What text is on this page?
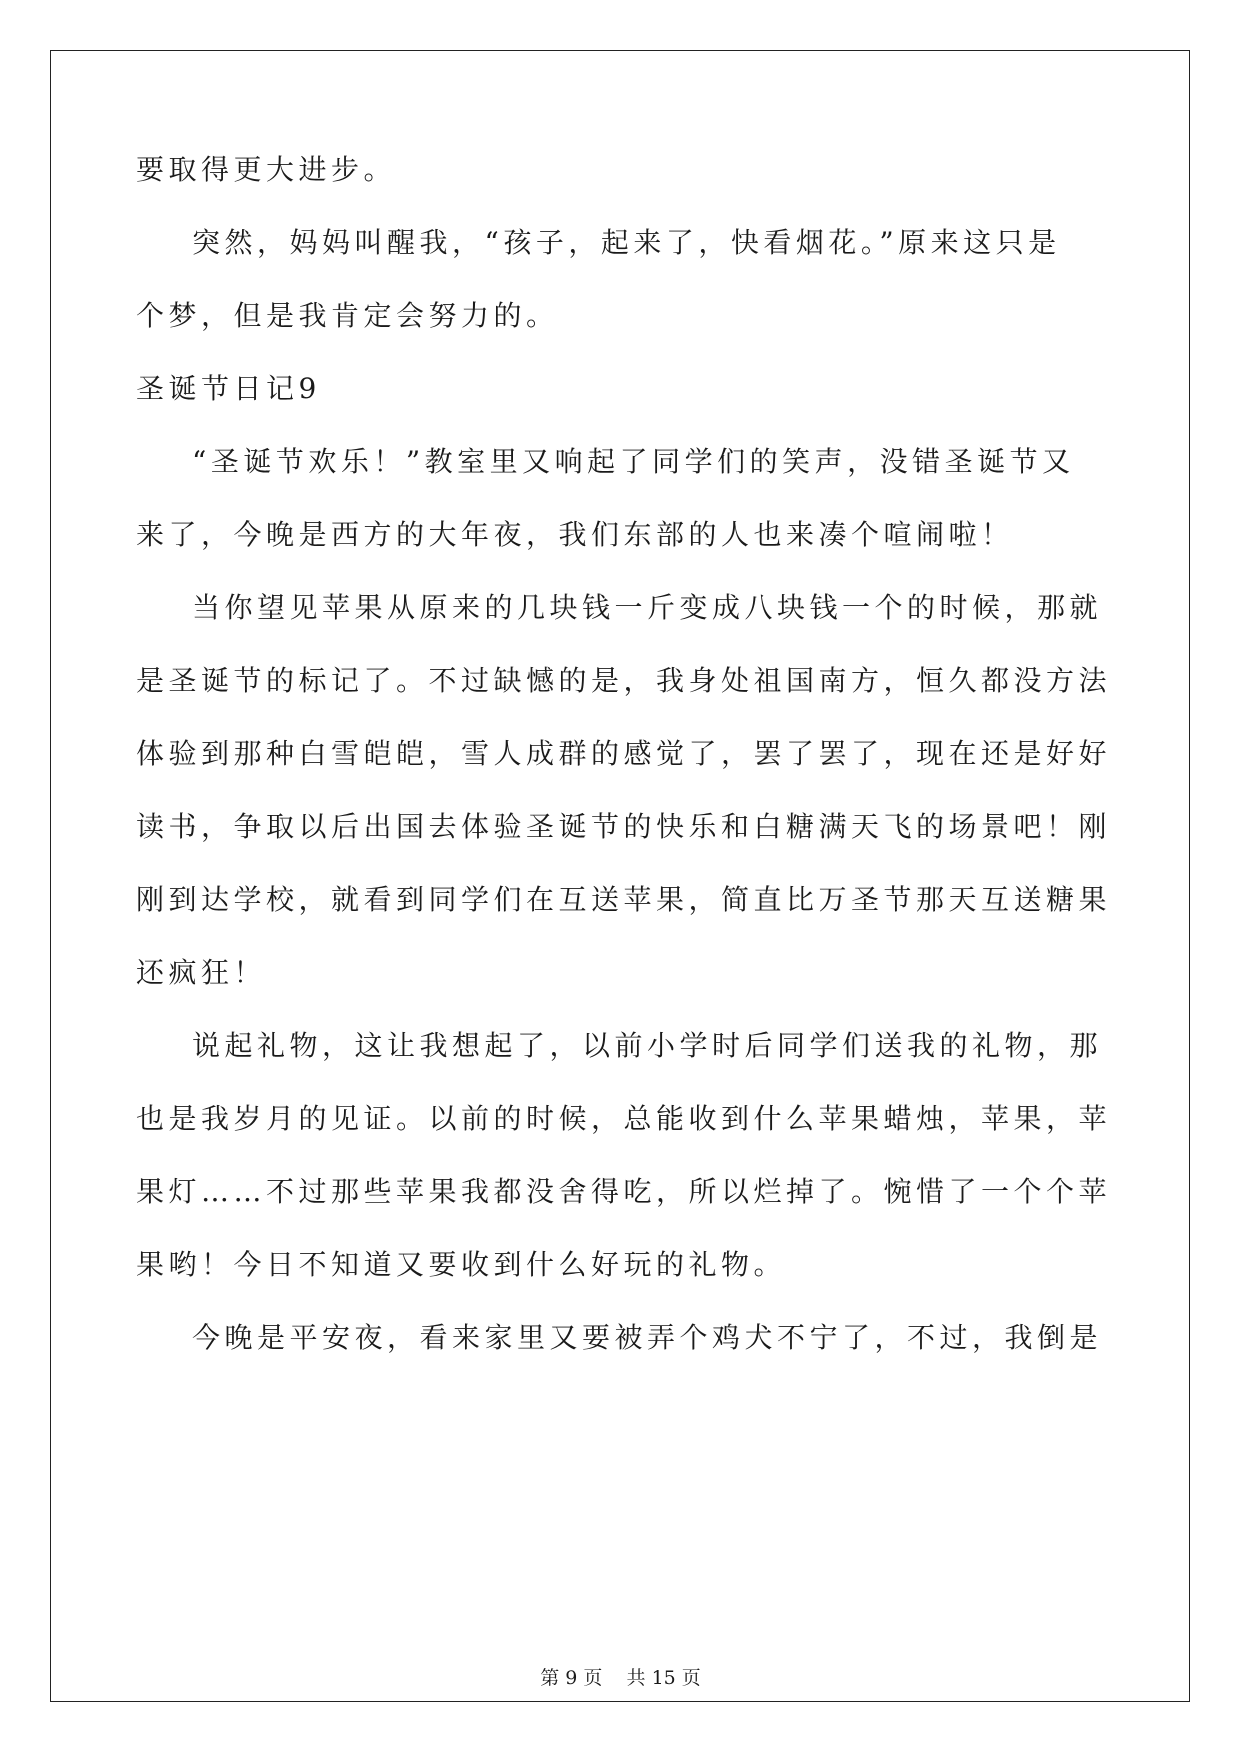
要取得更大进步。

突然，妈妈叫醒我，“孩子，起来了，快看烟花。”原来这只是

个梦，但是我肯定会努力的。

圣诞节日记9

“圣诞节欢乐！”教室里又响起了同学们的笑声，没错圣诞节又

来了，今晚是西方的大年夜，我们东部的人也来凑个喧闹啦！

当你望见苹果从原来的几块钱一斤变成八块钱一个的时候，那就

是圣诞节的标记了。不过缺憾的是，我身处祖国南方，恒久都没方法

体验到那种白雪皑皑，雪人成群的感觉了，罢了罢了，现在还是好好

读书，争取以后出国去体验圣诞节的快乐和白糖满天飞的场景吧！刚

刚到达学校，就看到同学们在互送苹果，简直比万圣节那天互送糖果

还疯狂！

说起礼物，这让我想起了，以前小学时后同学们送我的礼物，那

也是我岁月的见证。以前的时候，总能收到什么苹果蜡烛，苹果，苹

果灯……不过那些苹果我都没舍得吃，所以烂掉了。惋惜了一个个苹

果哟！今日不知道又要收到什么好玩的礼物。

今晚是平安夜，看来家里又要被弄个鸡犬不宁了，不过，我倒是

第 9 页    共 15 页
